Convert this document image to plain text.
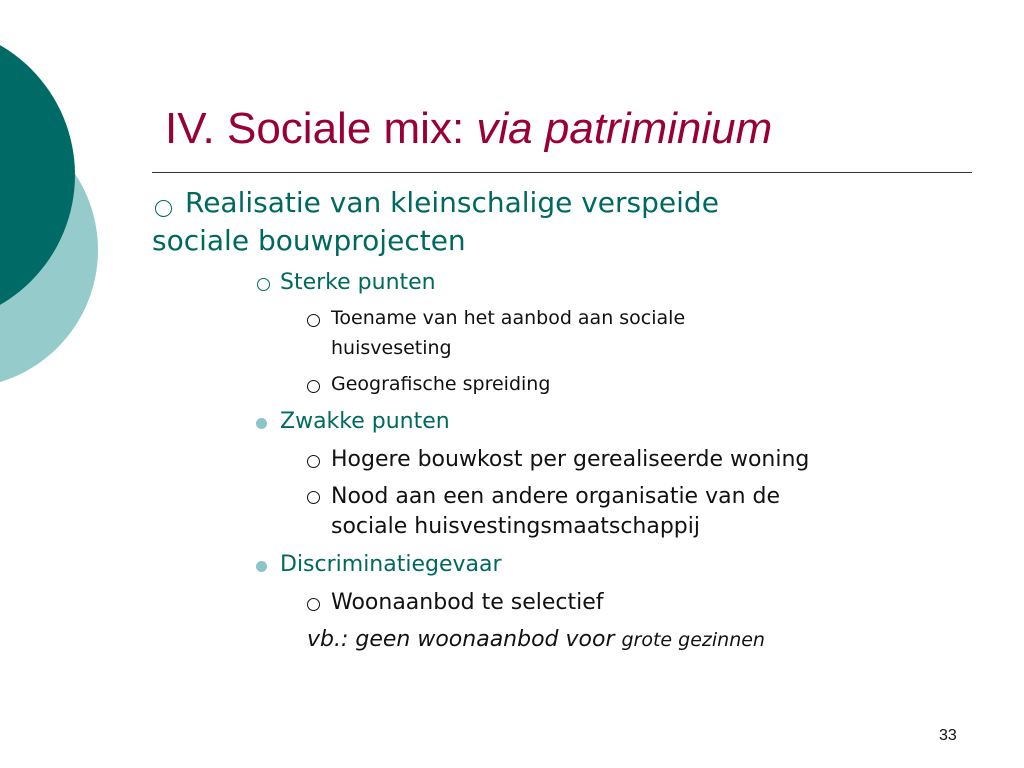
IV. Sociale mix: via patriminium
Realisatie van kleinschalige verspeide
sociale bouwprojecten
Sterke punten
Toename van het aanbod aan sociale
huisveseting
Geografische spreiding
Zwakke punten
Hogere bouwkost per gerealiseerde woning
Nood aan een andere organisatie van de
sociale huisvestingsmaatschappij
Discriminatiegevaar
Woonaanbod te selectief
vb.: geen woonaanbod voor grote gezinnen
33
